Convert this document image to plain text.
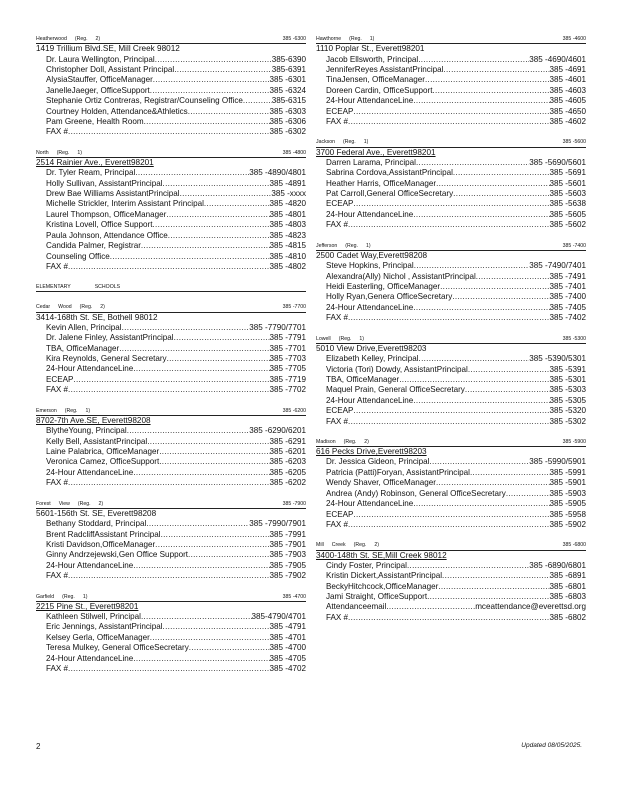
Heatherwood (Reg. 2)	385 -6300
1419 Trillium Blvd.SE, Mill Creek 98012
Dr. Laura Wellington, Principal .....	385-6390
Christopher Doll, Assistant Principal .....	385-6391
AlysiaStauffer, OfficeManager .....	385 -6301
JanelleJaeger, OfficeSupport .....	385 -6324
Stephanie Ortiz Contreras, Registrar/Counseling Office .....	385-6315
Courtney Holden, Attendance&Athletics .....	385 -6303
Pam Greene, Health Room .....	385 -6306
FAX # .....	385 -6302
North (Reg. 1)	385 -4800
2514 Rainier Ave., Everett98201
Dr. Tyler Ream, Principal .....	385 -4890/4801
Holly Sullivan, AssistantPrincipal .....	385 -4891
Drew Bae Williams AssistantPrincipal .....	385 -xxxx
Michelle Strickler, Interim Assistant Principal .....	385 -4820
Laurel Thompson, OfficeManager .....	385 -4801
Kristina Lovell, Office Support .....	385 -4803
Paula Johnson, Attendance Office .....	385 -4823
Candida Palmer, Registrar .....	385 -4815
Counseling Office .....	385 -4810
FAX # .....	385 -4802
ELEMENTARY	SCHOOLS
Cedar Wood (Reg. 2)	385 -7700
3414-168th St. SE, Bothell 98012
Kevin Allen, Principal .....	385 -7790/7701
Dr. Jalene Finley, AssistantPrincipal .....	385 -7791
TBA, OfficeManager .....	385 -7701
Kira Reynolds, General Secretary .....	385 -7703
24-Hour AttendanceLine .....	385 -7705
ECEAP .....	385 -7719
FAX # .....	385 -7702
Emerson (Reg. 1)	385 -6200
8702-7th Ave.SE, Everett98208
BlytheYoung, Principal .....	385 -6290/6201
Kelly Bell, AssistantPrincipal .....	385 -6291
Laine Palabrica, OfficeManager .....	385 -6201
Veronica Camez, OfficeSupport .....	385 -6203
24-Hour AttendanceLine .....	385 -6205
FAX # .....	385 -6202
Forest View (Reg. 2)	385 -7900
5601-156th St. SE, Everett98208
Bethany Stoddard, Principal .....	385 -7990/7901
Brent RadcliffAssistant Principal .....	385 -7991
Kristi Davidson,OfficeManager .....	385 -7901
Ginny Andrzejewski,Gen Office Support .....	385 -7903
24-Hour AttendanceLine .....	385 -7905
FAX # .....	385 -7902
Garfield (Reg. 1)	385 -4700
2215 Pine St., Everett98201
Kathleen Stilwell, Principal .....	385-4790/4701
Eric Jennings, AssistantPrincipal .....	385 -4791
Kelsey Gerla, OfficeManager .....	385 -4701
Teresa Mulkey, General OfficeSecretary .....	385 -4700
24-Hour AttendanceLine .....	385 -4705
FAX # .....	385 -4702
Hawthorne (Reg. 1)	385 -4600
1110 Poplar St., Everett98201
Jacob Ellsworth, Principal .....	385 -4690/4601
JenniferReyes AssistantPrincipal .....	385 -4691
TinaJensen, OfficeManager .....	385 -4601
Doreen Cardin, OfficeSupport .....	385 -4603
24-Hour AttendanceLine .....	385 -4605
ECEAP .....	385 -4650
FAX # .....	385 -4602
Jackson (Reg. 1)	385 -5600
3700 Federal Ave., Everett98201
Darren Larama, Principal .....	385 -5690/5601
Sabrina Cordova,AssistantPrincipal .....	385 -5691
Heather Harris, OfficeManager .....	385 -5601
Pat Carroll,General OfficeSecretary .....	385 -5603
ECEAP .....	385 -5638
24-Hour AttendanceLine .....	385 -5605
FAX # .....	385 -5602
Jefferson (Reg. 1)	385 -7400
2500 Cadet Way,Everett98208
Steve Hopkins, Principal .....	385 -7490/7401
Alexandra(Ally) Nichol , AssistantPrincipal .....	385 -7491
Heidi Easterling, OfficeManager .....	385 -7401
Holly Ryan,Genera OfficeSecretary .....	385 -7400
24-Hour AttendanceLine .....	385 -7405
FAX # .....	385 -7402
Lowell (Reg. 1)	385 -5300
5010 View Drive,Everett98203
Elizabeth Kelley, Principal .....	385 -5390/5301
Victoria (Tori) Dowdy, AssistantPrincipal .....	385 -5391
TBA, OfficeManager .....	385 -5301
Maquel Prain, General OfficeSecretary .....	385 -5303
24-Hour AttendanceLine .....	385 -5305
ECEAP .....	385 -5320
FAX # .....	385 -5302
Madison (Reg. 2)	385 -5900
616 Pecks Drive,Everett98203
Dr. Jessica Gideon, Principal .....	385 -5990/5901
Patricia (Patti)Foryan, AssistantPrincipal .....	385 -5991
Wendy Shaver, OfficeManager .....	385 -5901
Andrea (Andy) Robinson, General OfficeSecretary .....	385 -5903
24-Hour AttendanceLine .....	385 -5905
ECEAP .....	385 -5958
FAX # .....	385 -5902
Mill Creek (Reg. 2)	385 -6800
3400-148th St. SE,Mill Creek 98012
Cindy Foster, Principal .....	385 -6890/6801
Kristin Dickert,AssistantPrincipal .....	385 -6891
BeckyHitchcock,OfficeManager .....	385 -6801
Jami Straight, OfficeSupport .....	385 -6803
Attendanceemail .....	mceattendance@everettsd.org
FAX # .....	385 -6802
2	Updated 08/05/2025.
